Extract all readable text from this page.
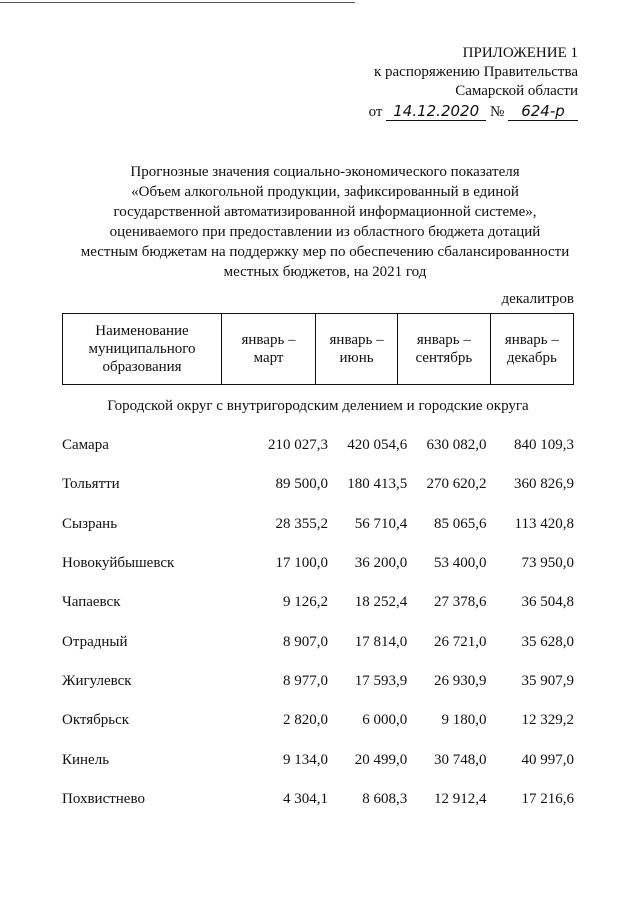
ПРИЛОЖЕНИЕ 1
к распоряжению Правительства
Самарской области
от 14.12.2020 № 624-р
Прогнозные значения социально-экономического показателя
«Объем алкогольной продукции, зафиксированный в единой
государственной автоматизированной информационной системе»,
оцениваемого при предоставлении из областного бюджета дотаций
местным бюджетам на поддержку мер по обеспечению сбалансированности
местных бюджетов, на 2021 год
декалитров
Наименование муниципального образования	январь – март	январь – июнь	январь – сентябрь	январь – декабрь
Городской округ с внутригородским делением и городские округа
Самара	210 027,3	420 054,6	630 082,0	840 109,3
Тольятти	89 500,0	180 413,5	270 620,2	360 826,9
Сызрань	28 355,2	56 710,4	85 065,6	113 420,8
Новокуйбышевск	17 100,0	36 200,0	53 400,0	73 950,0
Чапаевск	9 126,2	18 252,4	27 378,6	36 504,8
Отрадный	8 907,0	17 814,0	26 721,0	35 628,0
Жигулевск	8 977,0	17 593,9	26 930,9	35 907,9
Октябрьск	2 820,0	6 000,0	9 180,0	12 329,2
Кинель	9 134,0	20 499,0	30 748,0	40 997,0
Похвистнево	4 304,1	8 608,3	12 912,4	17 216,6
